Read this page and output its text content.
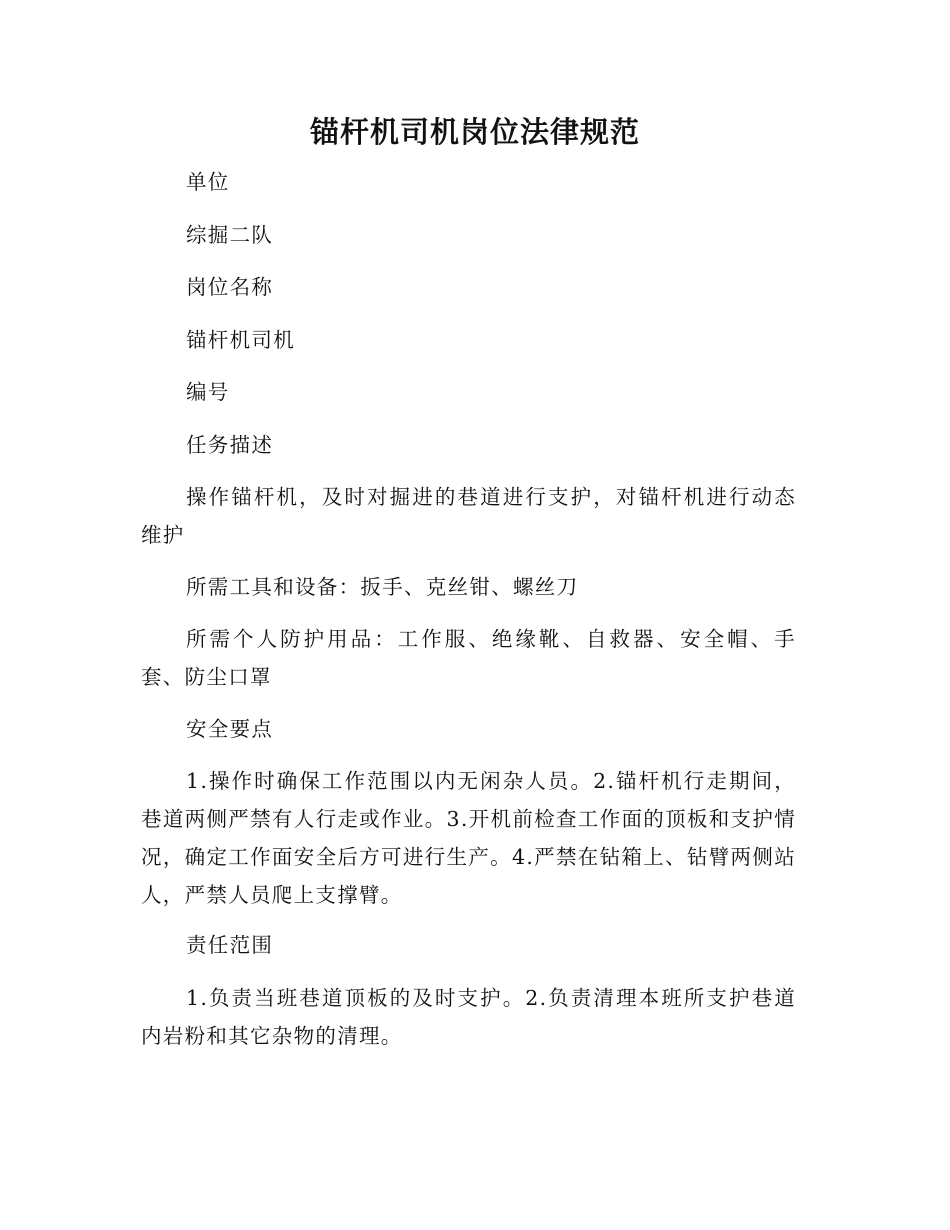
锚杆机司机岗位法律规范

单位

综掘二队

岗位名称

锚杆机司机

编号

任务描述

操作锚杆机，及时对掘进的巷道进行支护，对锚杆机进行动态维护

所需工具和设备：扳手、克丝钳、螺丝刀

所需个人防护用品：工作服、绝缘靴、自救器、安全帽、手套、防尘口罩

安全要点

1.操作时确保工作范围以内无闲杂人员。2.锚杆机行走期间，巷道两侧严禁有人行走或作业。3.开机前检查工作面的顶板和支护情况，确定工作面安全后方可进行生产。4.严禁在钻箱上、钻臂两侧站人，严禁人员爬上支撑臂。

责任范围

1.负责当班巷道顶板的及时支护。2.负责清理本班所支护巷道内岩粉和其它杂物的清理。
